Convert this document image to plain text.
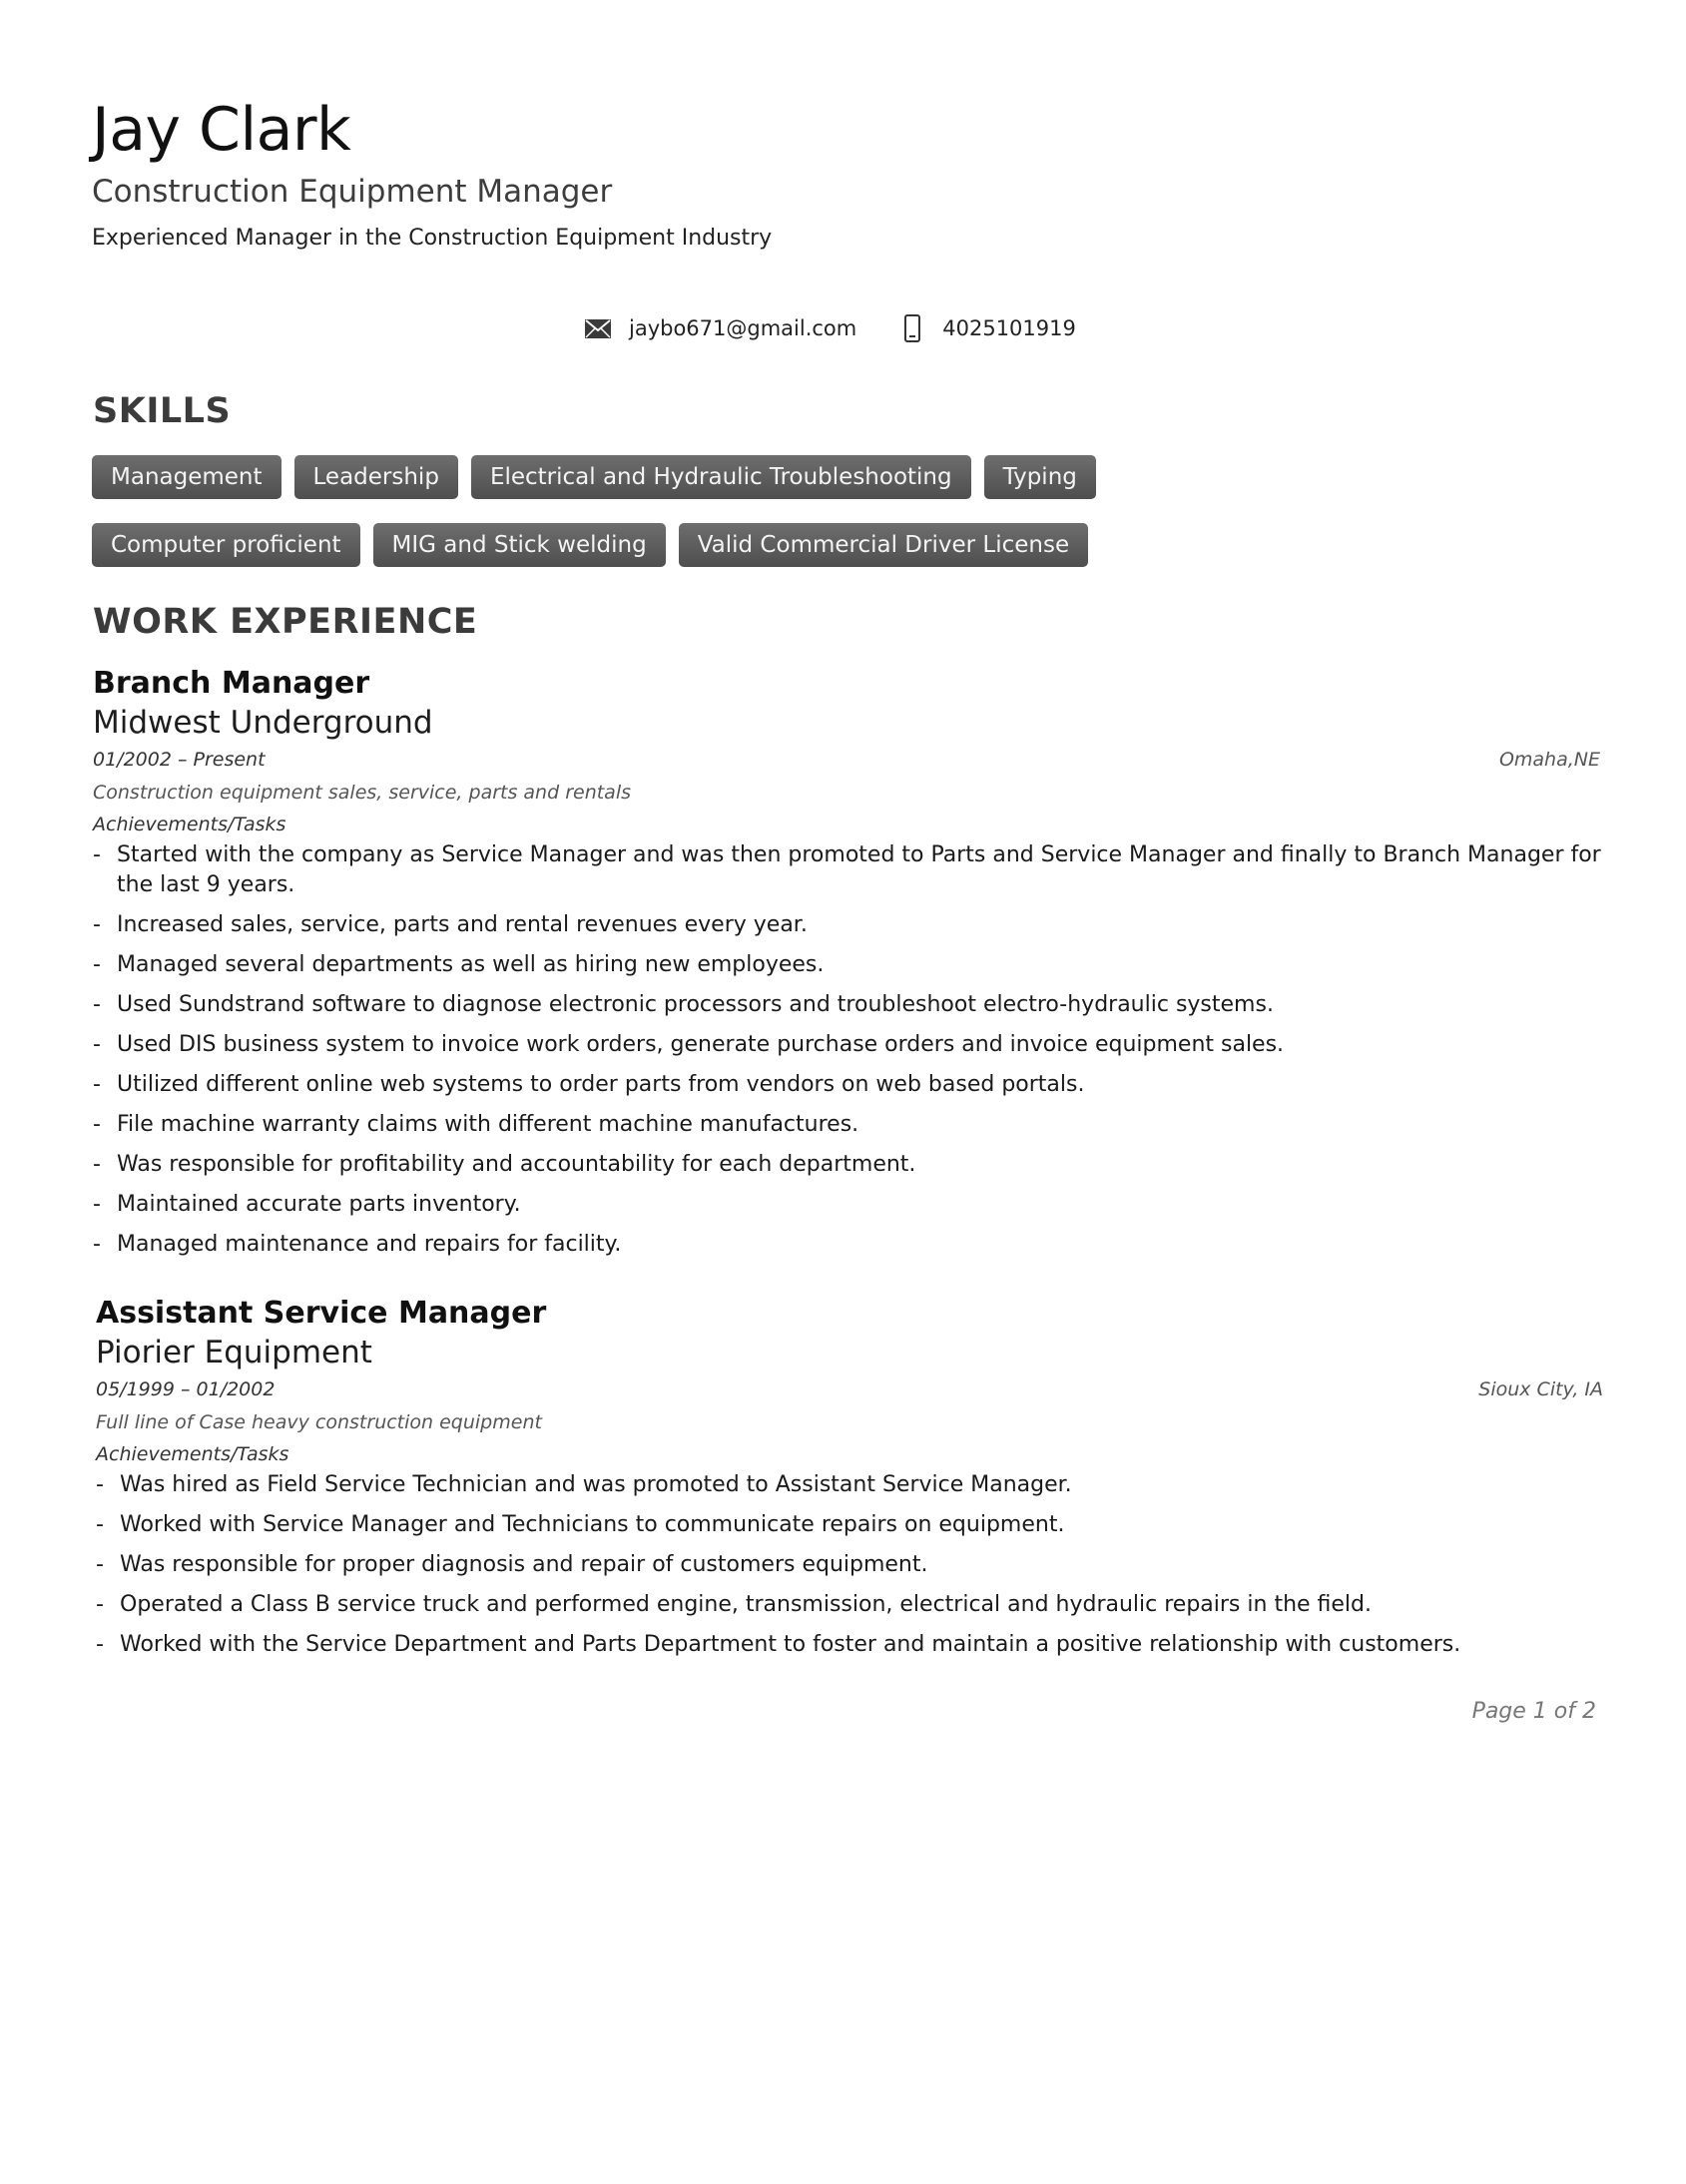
Jay Clark
Construction Equipment Manager
Experienced Manager in the Construction Equipment Industry
jaybo671@gmail.com	4025101919
SKILLS
Management	Leadership	Electrical and Hydraulic Troubleshooting	Typing
Computer proficient	MIG and Stick welding	Valid Commercial Driver License
WORK EXPERIENCE
Branch Manager
Midwest Underground
01/2002 – Present	Omaha,NE
Construction equipment sales, service, parts and rentals
Achievements/Tasks
- Started with the company as Service Manager and was then promoted to Parts and Service Manager and finally to Branch Manager for the last 9 years.
- Increased sales, service, parts and rental revenues every year.
- Managed several departments as well as hiring new employees.
- Used Sundstrand software to diagnose electronic processors and troubleshoot electro-hydraulic systems.
- Used DIS business system to invoice work orders, generate purchase orders and invoice equipment sales.
- Utilized different online web systems to order parts from vendors on web based portals.
- File machine warranty claims with different machine manufactures.
- Was responsible for profitability and accountability for each department.
- Maintained accurate parts inventory.
- Managed maintenance and repairs for facility.
Assistant Service Manager
Piorier Equipment
05/1999 – 01/2002	Sioux City, IA
Full line of Case heavy construction equipment
Achievements/Tasks
- Was hired as Field Service Technician and was promoted to Assistant Service Manager.
- Worked with Service Manager and Technicians to communicate repairs on equipment.
- Was responsible for proper diagnosis and repair of customers equipment.
- Operated a Class B service truck and performed engine, transmission, electrical and hydraulic repairs in the field.
- Worked with the Service Department and Parts Department to foster and maintain a positive relationship with customers.
Page 1 of 2
